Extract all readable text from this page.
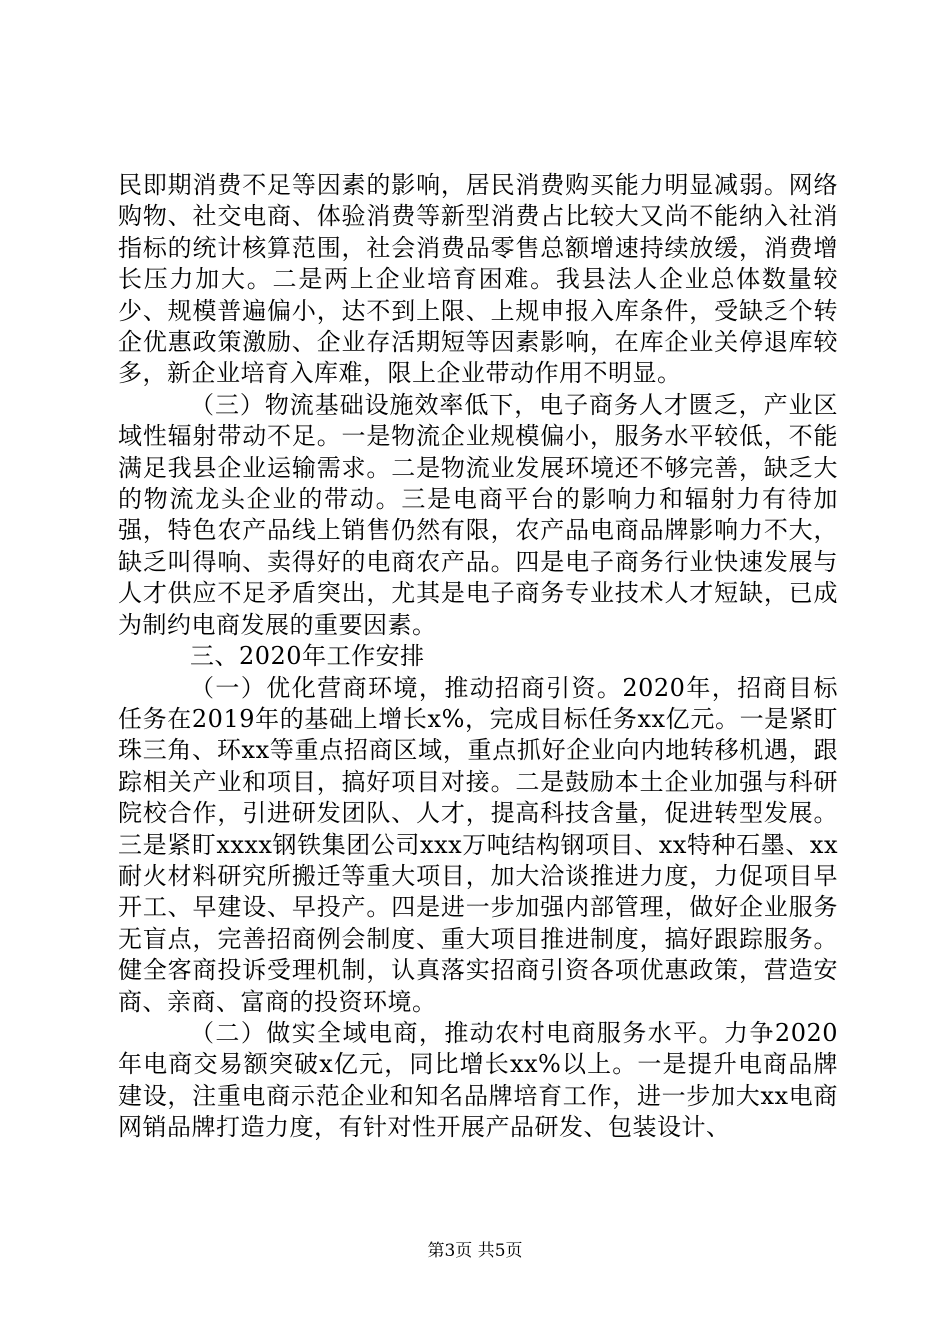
民即期消费不足等因素的影响，居民消费购买能力明显减弱。网络购物、社交电商、体验消费等新型消费占比较大又尚不能纳入社消指标的统计核算范围，社会消费品零售总额增速持续放缓，消费增长压力加大。二是两上企业培育困难。我县法人企业总体数量较少、规模普遍偏小，达不到上限、上规申报入库条件，受缺乏个转企优惠政策激励、企业存活期短等因素影响，在库企业关停退库较多，新企业培育入库难，限上企业带动作用不明显。

（三）物流基础设施效率低下，电子商务人才匮乏，产业区域性辐射带动不足。一是物流企业规模偏小，服务水平较低，不能满足我县企业运输需求。二是物流业发展环境还不够完善，缺乏大的物流龙头企业的带动。三是电商平台的影响力和辐射力有待加强，特色农产品线上销售仍然有限，农产品电商品牌影响力不大，缺乏叫得响、卖得好的电商农产品。四是电子商务行业快速发展与人才供应不足矛盾突出，尤其是电子商务专业技术人才短缺，已成为制约电商发展的重要因素。

三、2020年工作安排

（一）优化营商环境，推动招商引资。2020年，招商目标任务在2019年的基础上增长x%，完成目标任务xx亿元。一是紧盯珠三角、环xx等重点招商区域，重点抓好企业向内地转移机遇，跟踪相关产业和项目，搞好项目对接。二是鼓励本土企业加强与科研院校合作，引进研发团队、人才，提高科技含量，促进转型发展。三是紧盯xxxx钢铁集团公司xxx万吨结构钢项目、xx特种石墨、xx耐火材料研究所搬迁等重大项目，加大洽谈推进力度，力促项目早开工、早建设、早投产。四是进一步加强内部管理，做好企业服务无盲点，完善招商例会制度、重大项目推进制度，搞好跟踪服务。健全客商投诉受理机制，认真落实招商引资各项优惠政策，营造安商、亲商、富商的投资环境。

（二）做实全域电商，推动农村电商服务水平。力争2020年电商交易额突破x亿元，同比增长xx%以上。一是提升电商品牌建设，注重电商示范企业和知名品牌培育工作，进一步加大xx电商网销品牌打造力度，有针对性开展产品研发、包装设计、

第3页 共5页
